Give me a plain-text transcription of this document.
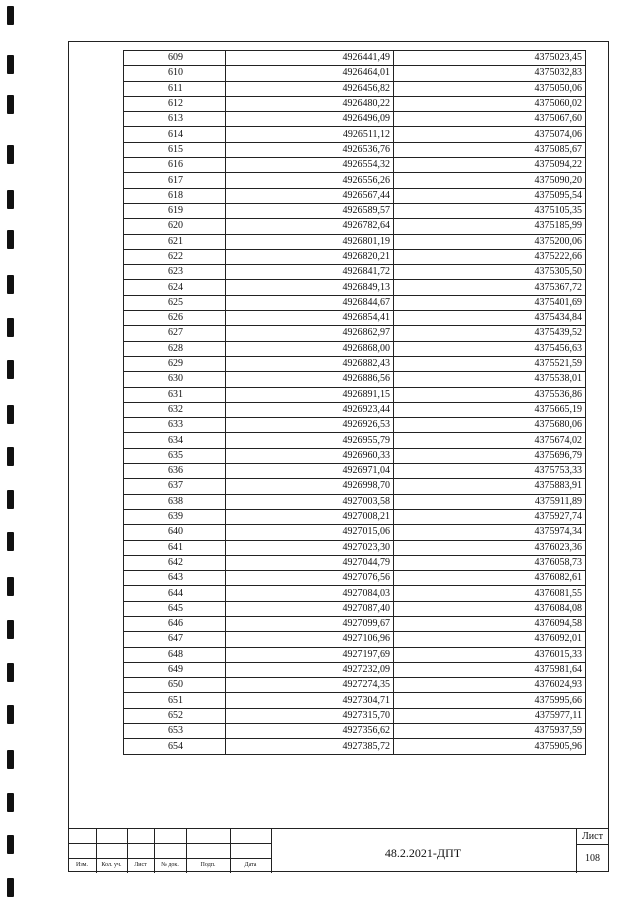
609	4926441,49	4375023,45
610	4926464,01	4375032,83
611	4926456,82	4375050,06
612	4926480,22	4375060,02
613	4926496,09	4375067,60
614	4926511,12	4375074,06
615	4926536,76	4375085,67
616	4926554,32	4375094,22
617	4926556,26	4375090,20
618	4926567,44	4375095,54
619	4926589,57	4375105,35
620	4926782,64	4375185,99
621	4926801,19	4375200,06
622	4926820,21	4375222,66
623	4926841,72	4375305,50
624	4926849,13	4375367,72
625	4926844,67	4375401,69
626	4926854,41	4375434,84
627	4926862,97	4375439,52
628	4926868,00	4375456,63
629	4926882,43	4375521,59
630	4926886,56	4375538,01
631	4926891,15	4375536,86
632	4926923,44	4375665,19
633	4926926,53	4375680,06
634	4926955,79	4375674,02
635	4926960,33	4375696,79
636	4926971,04	4375753,33
637	4926998,70	4375883,91
638	4927003,58	4375911,89
639	4927008,21	4375927,74
640	4927015,06	4375974,34
641	4927023,30	4376023,36
642	4927044,79	4376058,73
643	4927076,56	4376082,61
644	4927084,03	4376081,55
645	4927087,40	4376084,08
646	4927099,67	4376094,58
647	4927106,96	4376092,01
648	4927197,69	4376015,33
649	4927232,09	4375981,64
650	4927274,35	4376024,93
651	4927304,71	4375995,66
652	4927315,70	4375977,11
653	4927356,62	4375937,59
654	4927385,72	4375905,96
Изм.	Кол. уч.	Лист	№ док.	Подп.	Дата
48.2.2021-ДПТ
Лист
108
